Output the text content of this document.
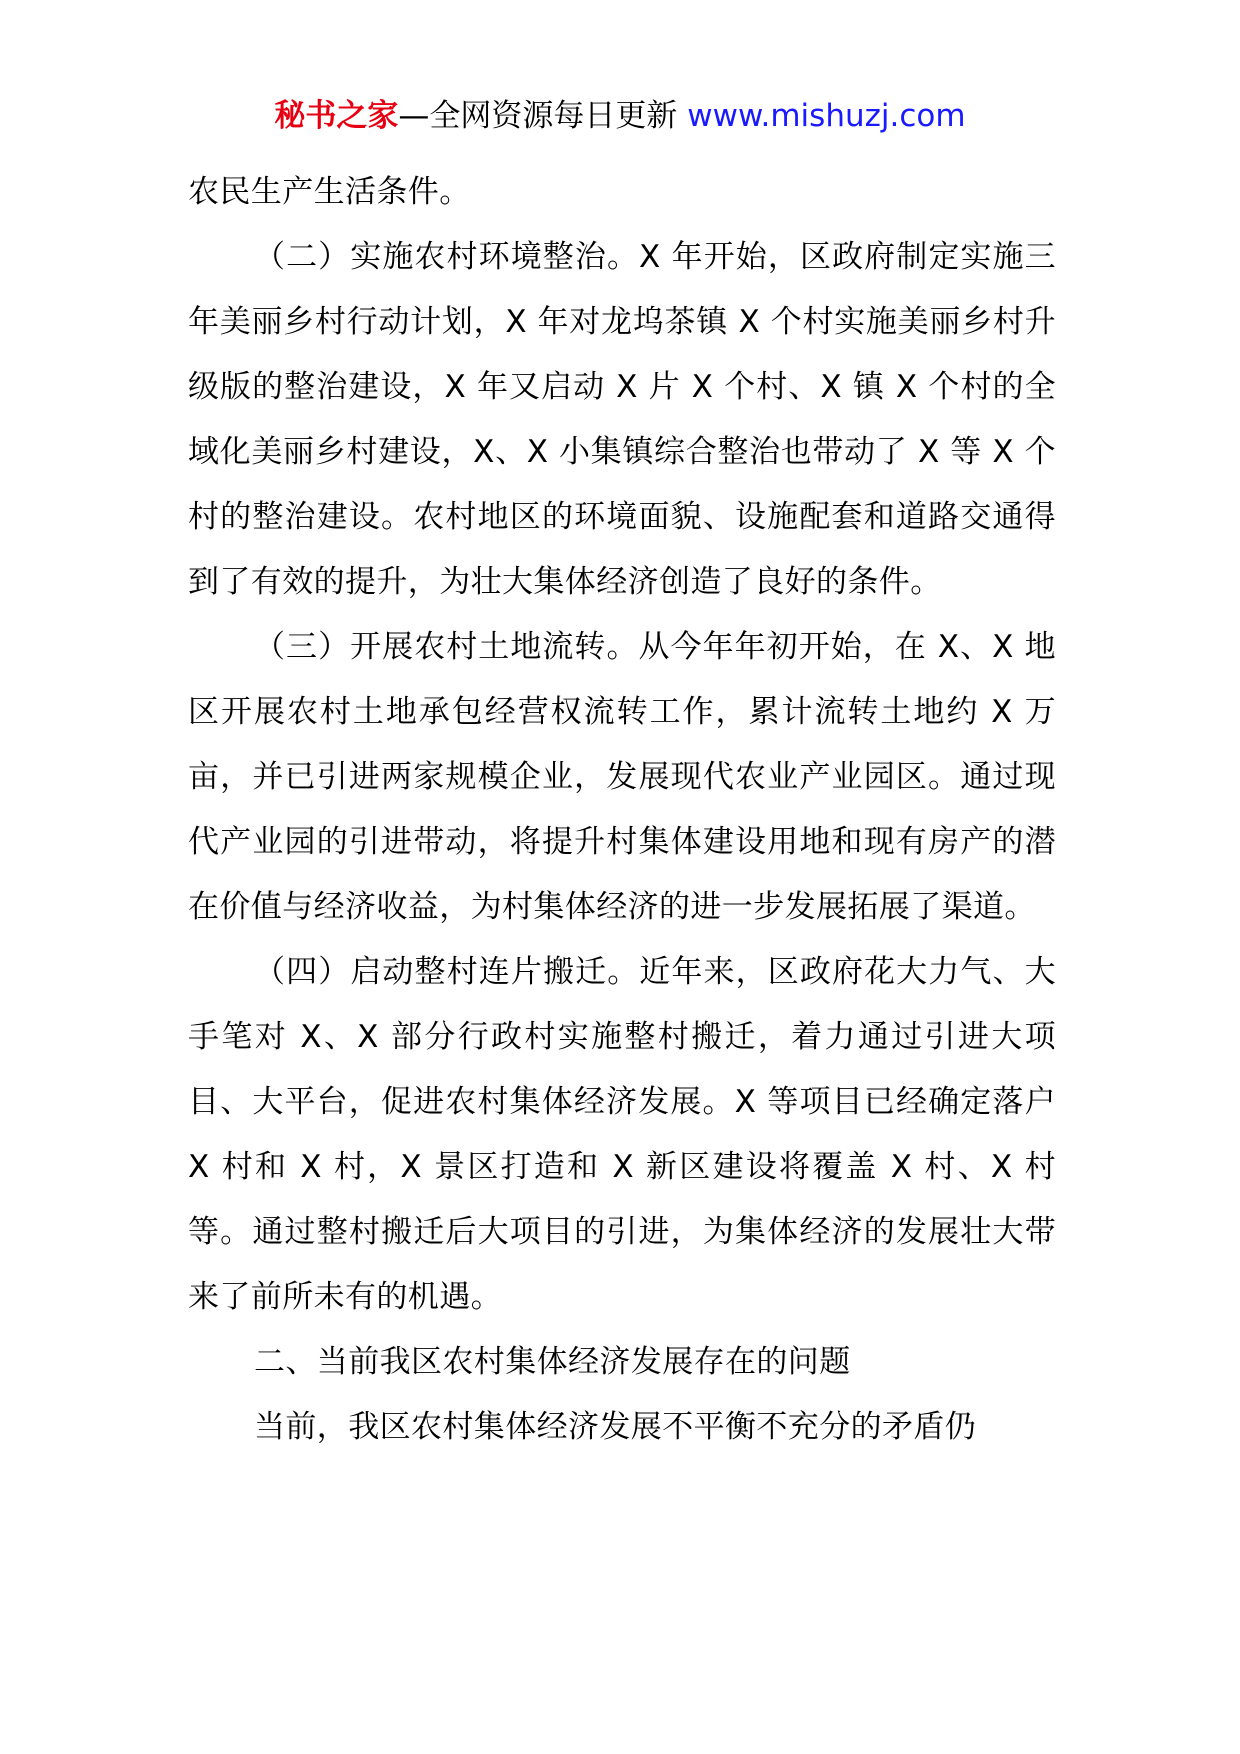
秘书之家—全网资源每日更新 www.mishuzj.com

农民生产生活条件。

（二）实施农村环境整治。X 年开始，区政府制定实施三年美丽乡村行动计划，X 年对龙坞茶镇 X 个村实施美丽乡村升级版的整治建设，X 年又启动 X 片 X 个村、X 镇 X 个村的全域化美丽乡村建设，X、X 小集镇综合整治也带动了 X 等 X 个村的整治建设。农村地区的环境面貌、设施配套和道路交通得到了有效的提升，为壮大集体经济创造了良好的条件。

（三）开展农村土地流转。从今年年初开始，在 X、X 地区开展农村土地承包经营权流转工作，累计流转土地约 X 万亩，并已引进两家规模企业，发展现代农业产业园区。通过现代产业园的引进带动，将提升村集体建设用地和现有房产的潜在价值与经济收益，为村集体经济的进一步发展拓展了渠道。

（四）启动整村连片搬迁。近年来，区政府花大力气、大手笔对 X、X 部分行政村实施整村搬迁，着力通过引进大项目、大平台，促进农村集体经济发展。X 等项目已经确定落户 X 村和 X 村，X 景区打造和 X 新区建设将覆盖 X 村、X 村等。通过整村搬迁后大项目的引进，为集体经济的发展壮大带来了前所未有的机遇。

二、当前我区农村集体经济发展存在的问题

当前，我区农村集体经济发展不平衡不充分的矛盾仍
